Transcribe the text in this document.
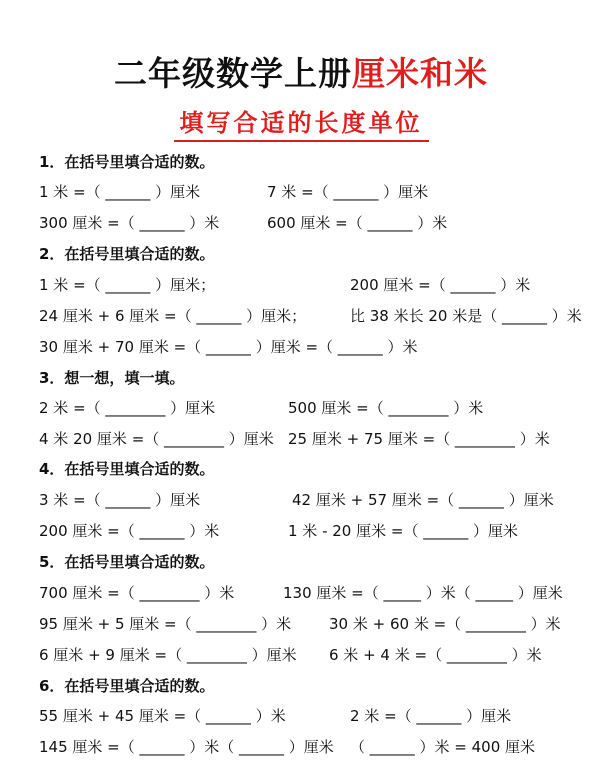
二年级数学上册厘米和米
填写合适的长度单位
1．在括号里填合适的数。
1 米 =（ ______ ）厘米	7 米 =（ ______ ）厘米
300 厘米 =（ ______ ）米	600 厘米 =（ ______ ）米
2．在括号里填合适的数。
1 米 =（ ______ ）厘米；	200 厘米 =（ ______ ）米
24 厘米 + 6 厘米 =（ ______ ）厘米；	比 38 米长 20 米是（ ______ ）米
30 厘米 + 70 厘米 =（ ______ ）厘米 =（ ______ ）米
3．想一想，填一填。
2 米 =（ ________ ）厘米	500 厘米 =（ ________ ）米
4 米 20 厘米 =（ ________ ）厘米 25 厘米 + 75 厘米 =（ ________ ）米
4．在括号里填合适的数。
3 米 =（ ______ ）厘米	42 厘米 + 57 厘米 =（ ______ ）厘米
200 厘米 =（ ______ ）米	1 米 - 20 厘米 =（ ______ ）厘米
5．在括号里填合适的数。
700 厘米 =（ ________ ）米	130 厘米 =（ _____ ）米（ _____ ）厘米
95 厘米 + 5 厘米 =（ ________ ）米	30 米 + 60 米 =（ ________ ）米
6 厘米 + 9 厘米 =（ ________ ）厘米 6 米 + 4 米 =（ ________ ）米
6．在括号里填合适的数。
55 厘米 + 45 厘米 =（ ______ ）米	2 米 =（ ______ ）厘米
145 厘米 =（ ______ ）米（ ______ ）厘米 （ ______ ）米 = 400 厘米
